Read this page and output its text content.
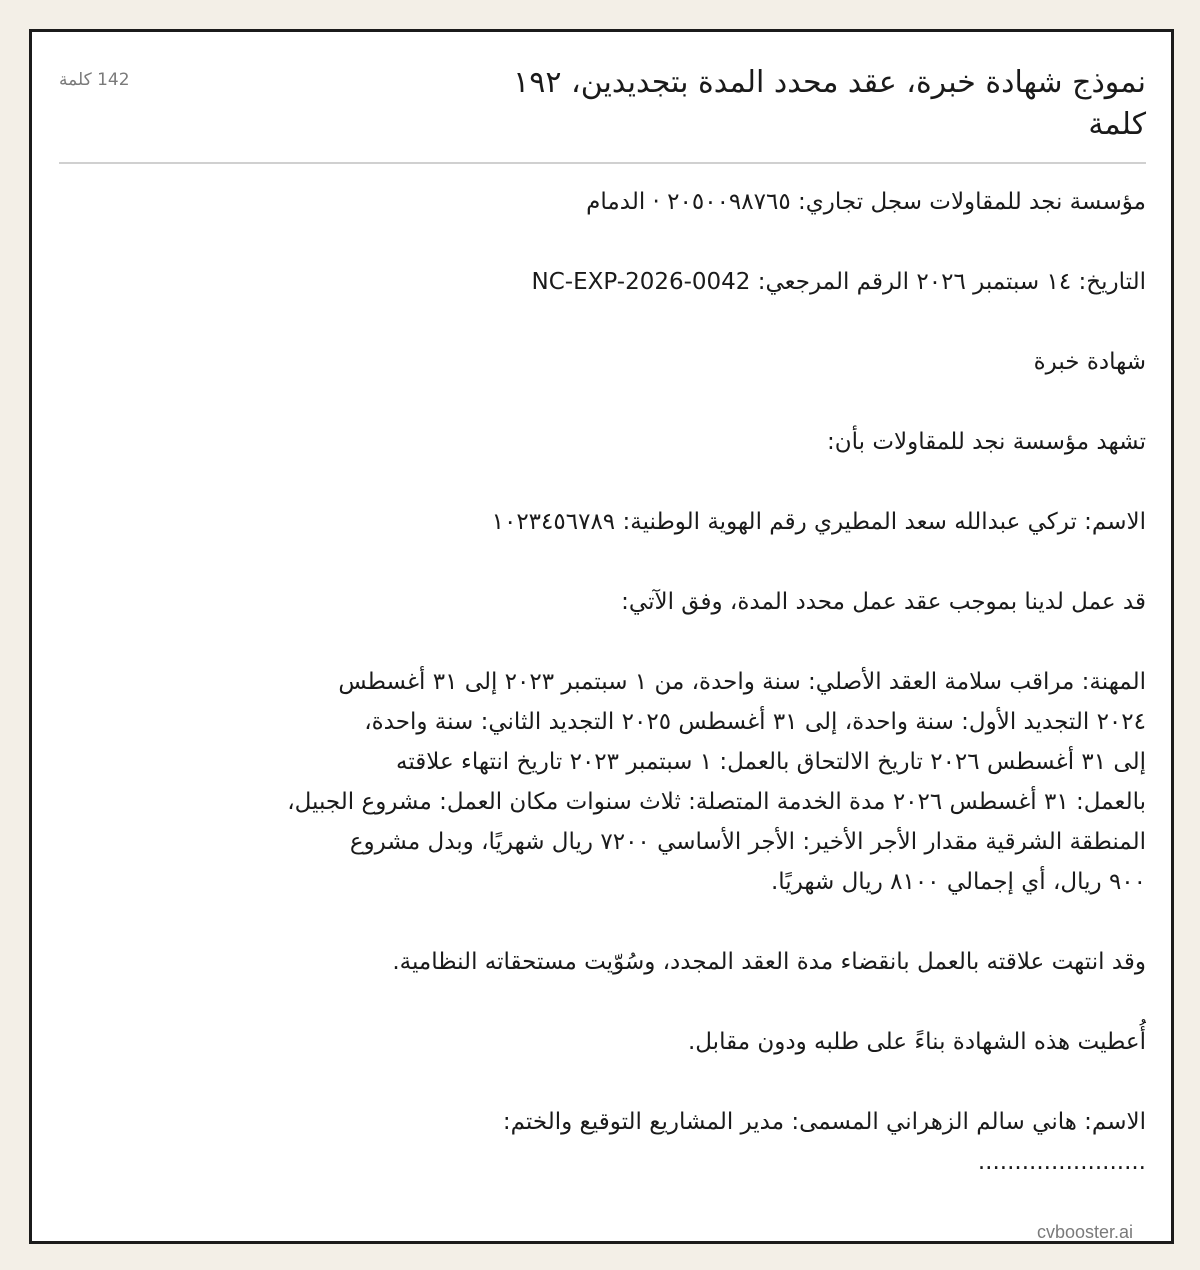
نموذج شهادة خبرة، عقد محدد المدة بتجديدين، ١٩٢ كلمة
142 كلمة

مؤسسة نجد للمقاولات سجل تجاري: ٢٠٥٠٠٩٨٧٦٥ · الدمام

التاريخ: ١٤ سبتمبر ٢٠٢٦ الرقم المرجعي: NC-EXP-2026-0042

شهادة خبرة

تشهد مؤسسة نجد للمقاولات بأن:

الاسم: تركي عبدالله سعد المطيري رقم الهوية الوطنية: ١٠٢٣٤٥٦٧٨٩

قد عمل لدينا بموجب عقد عمل محدد المدة، وفق الآتي:

المهنة: مراقب سلامة العقد الأصلي: سنة واحدة، من ١ سبتمبر ٢٠٢٣ إلى ٣١ أغسطس
٢٠٢٤ التجديد الأول: سنة واحدة، إلى ٣١ أغسطس ٢٠٢٥ التجديد الثاني: سنة واحدة،
إلى ٣١ أغسطس ٢٠٢٦ تاريخ الالتحاق بالعمل: ١ سبتمبر ٢٠٢٣ تاريخ انتهاء علاقته
بالعمل: ٣١ أغسطس ٢٠٢٦ مدة الخدمة المتصلة: ثلاث سنوات مكان العمل: مشروع الجبيل،
المنطقة الشرقية مقدار الأجر الأخير: الأجر الأساسي ٧٢٠٠ ريال شهريًا، وبدل مشروع
٩٠٠ ريال، أي إجمالي ٨١٠٠ ريال شهريًا.

وقد انتهت علاقته بالعمل بانقضاء مدة العقد المجدد، وسُوّيت مستحقاته النظامية.

أُعطيت هذه الشهادة بناءً على طلبه ودون مقابل.

الاسم: هاني سالم الزهراني المسمى: مدير المشاريع التوقيع والختم:

.......................

cvbooster.ai
